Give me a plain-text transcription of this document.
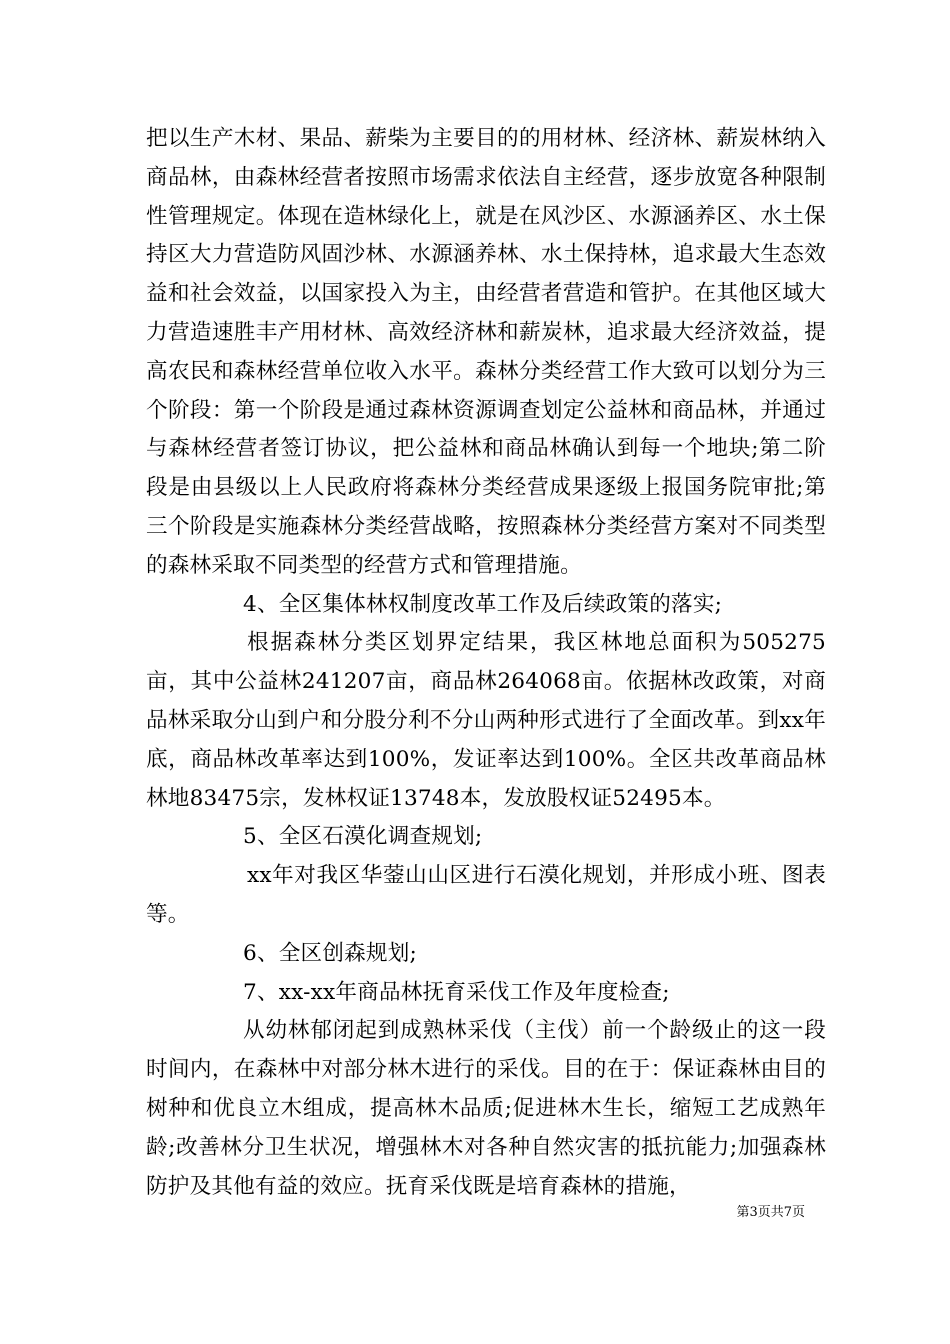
把以生产木材、果品、薪柴为主要目的的用材林、经济林、薪炭林纳入商品林，由森林经营者按照市场需求依法自主经营，逐步放宽各种限制性管理规定。体现在造林绿化上，就是在风沙区、水源涵养区、水土保持区大力营造防风固沙林、水源涵养林、水土保持林，追求最大生态效益和社会效益，以国家投入为主，由经营者营造和管护。在其他区域大力营造速胜丰产用材林、高效经济林和薪炭林，追求最大经济效益，提高农民和森林经营单位收入水平。森林分类经营工作大致可以划分为三个阶段：第一个阶段是通过森林资源调查划定公益林和商品林，并通过与森林经营者签订协议，把公益林和商品林确认到每一个地块;第二阶段是由县级以上人民政府将森林分类经营成果逐级上报国务院审批;第三个阶段是实施森林分类经营战略，按照森林分类经营方案对不同类型的森林采取不同类型的经营方式和管理措施。

4、全区集体林权制度改革工作及后续政策的落实;

根据森林分类区划界定结果，我区林地总面积为505275亩，其中公益林241207亩，商品林264068亩。依据林改政策，对商品林采取分山到户和分股分利不分山两种形式进行了全面改革。到xx年底，商品林改革率达到100%，发证率达到100%。全区共改革商品林林地83475宗，发林权证13748本，发放股权证52495本。

5、全区石漠化调查规划;

xx年对我区华蓥山山区进行石漠化规划，并形成小班、图表等。

6、全区创森规划;

7、xx-xx年商品林抚育采伐工作及年度检查;

从幼林郁闭起到成熟林采伐（主伐）前一个龄级止的这一段时间内，在森林中对部分林木进行的采伐。目的在于：保证森林由目的树种和优良立木组成，提高林木品质;促进林木生长，缩短工艺成熟年龄;改善林分卫生状况，增强林木对各种自然灾害的抵抗能力;加强森林防护及其他有益的效应。抚育采伐既是培育森林的措施，

第3页共7页
